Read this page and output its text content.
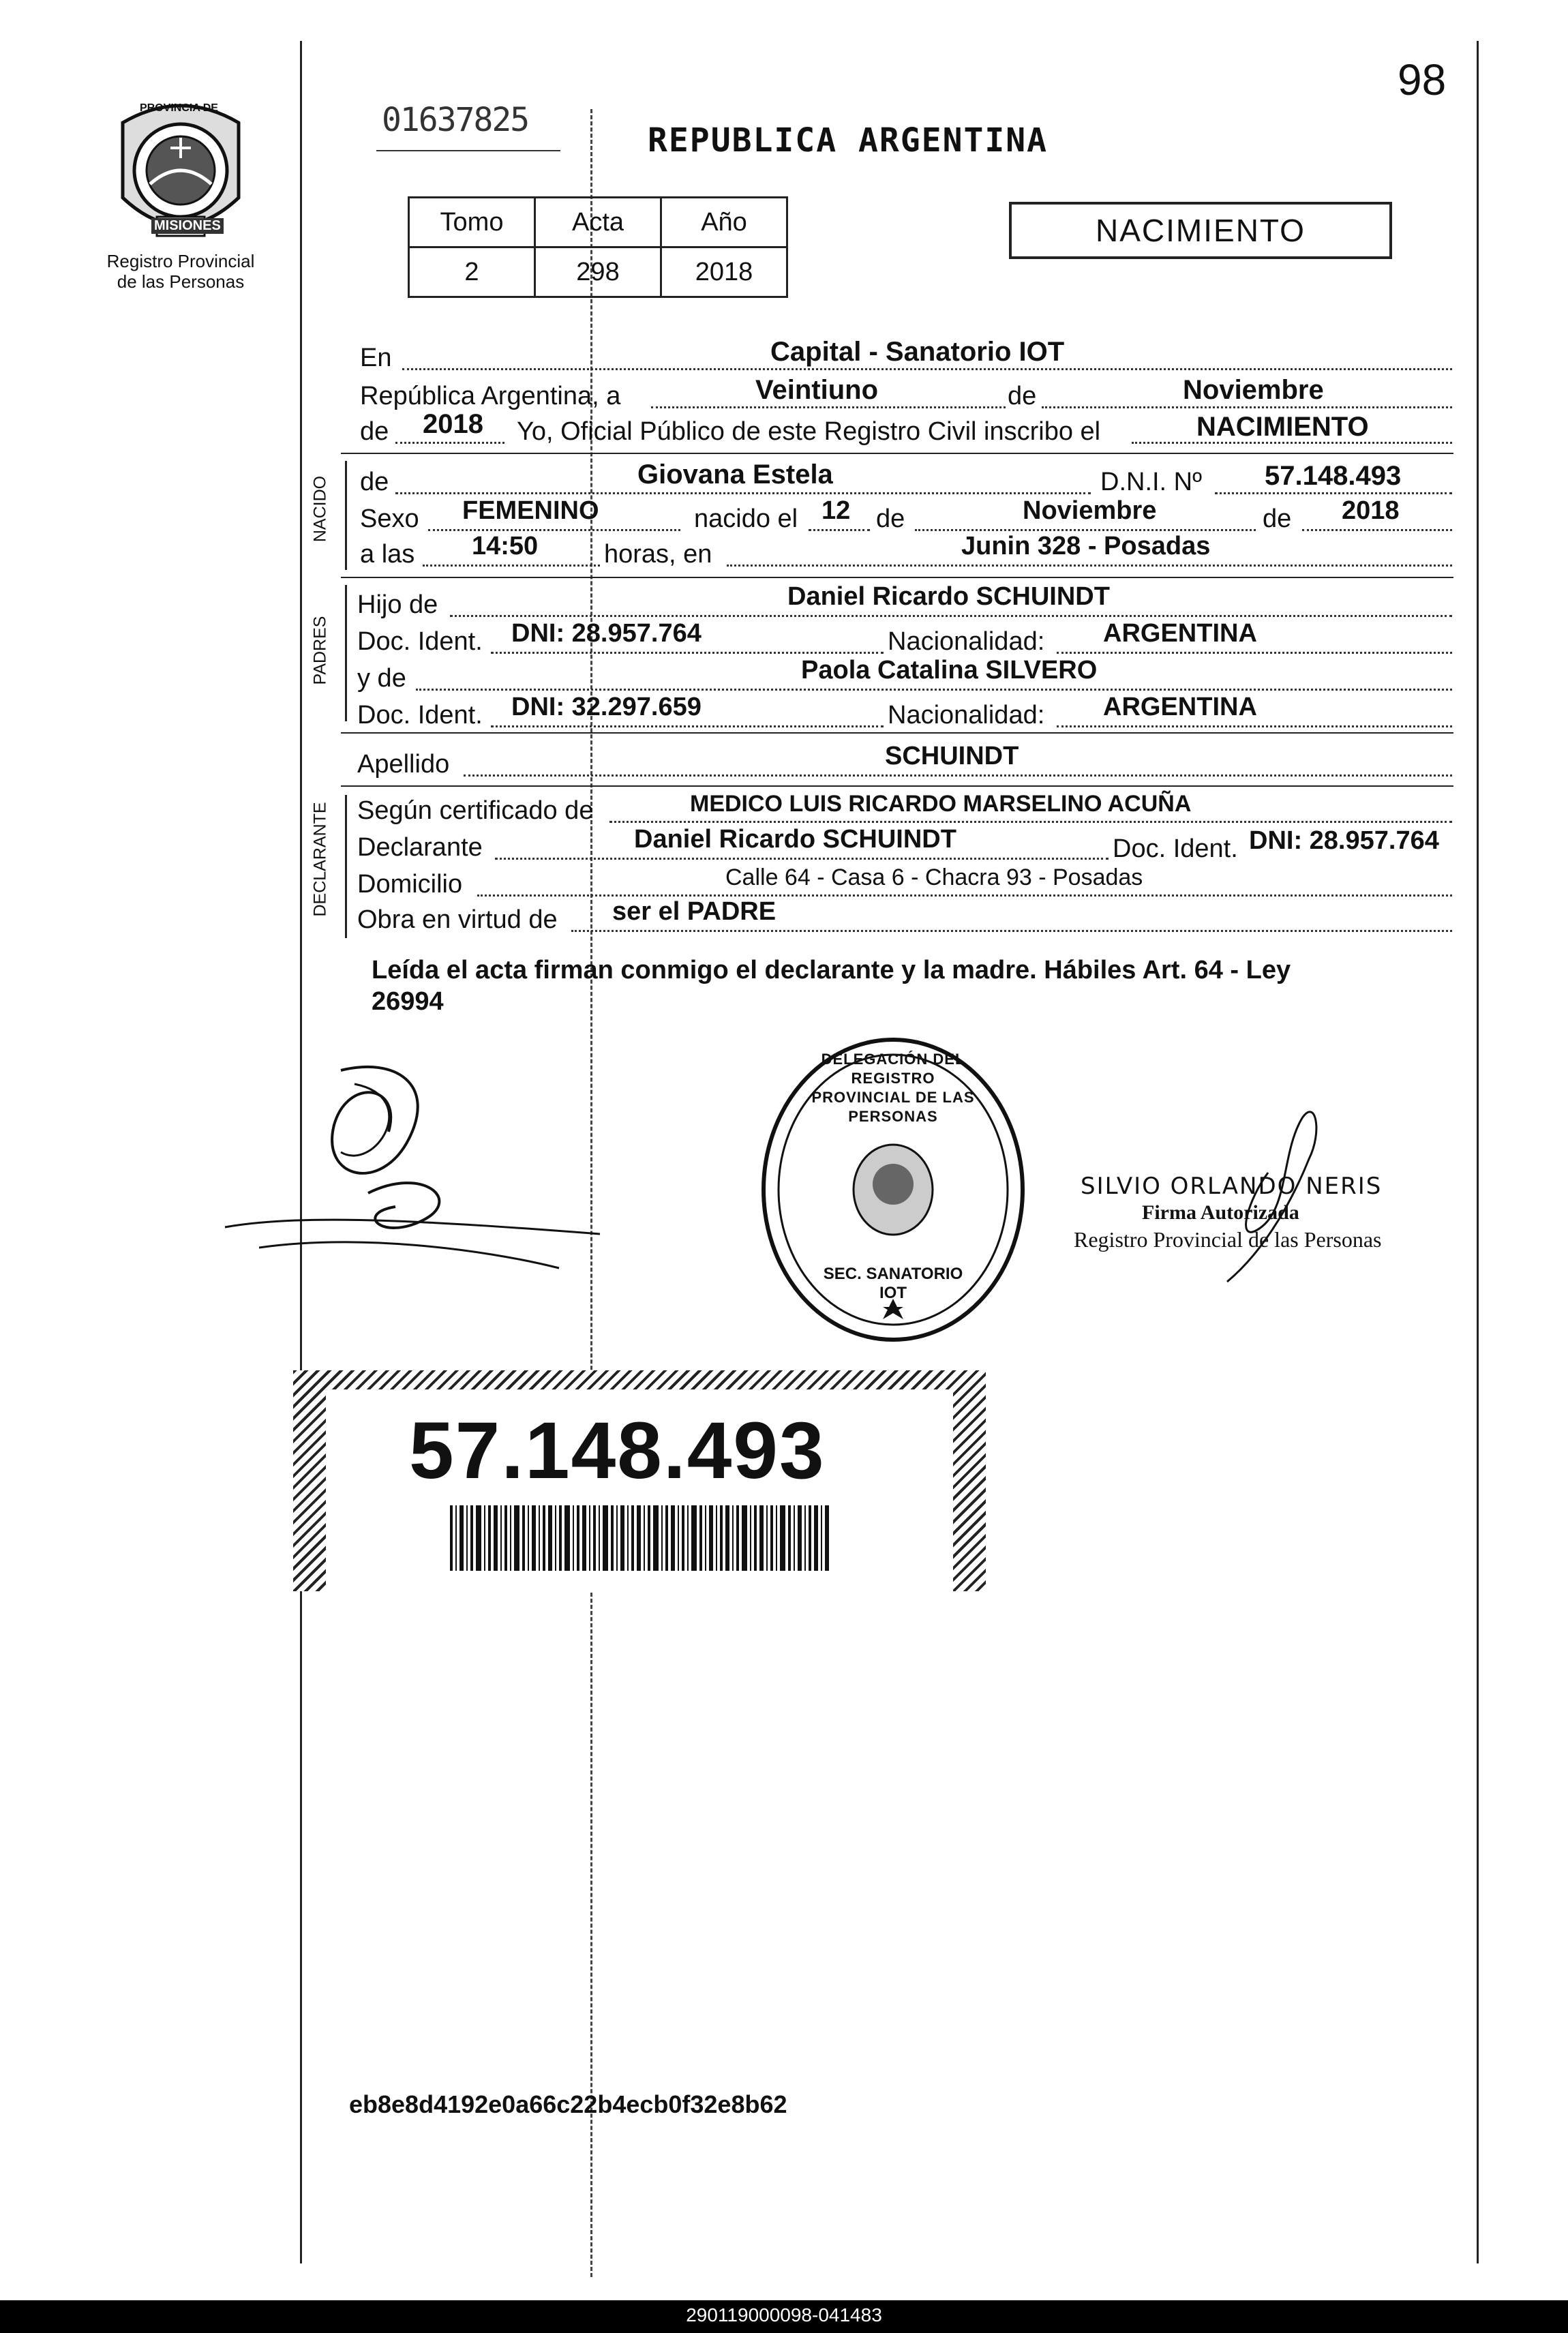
98
PROVINCIA DE
MISIONES
Registro Provincial
de las Personas
01637825
REPUBLICA ARGENTINA
Tomo	Acta	Año
2	298	2018
NACIMIENTO
En	Capital - Sanatorio IOT
República Argentina, a	Veintiuno	de	Noviembre
de 2018 Yo, Oficial Público de este Registro Civil inscribo el	NACIMIENTO
NACIDO de	Giovana Estela	D.N.I. Nº 57.148.493
Sexo FEMENINO	nacido el 12 de	Noviembre	de 2018
a las 14:50	horas, en	Junin 328 - Posadas
PADRES
Hijo de	Daniel Ricardo SCHUINDT
Doc. Ident. DNI: 28.957.764	Nacionalidad: ARGENTINA
y de	Paola Catalina SILVERO
Doc. Ident. DNI: 32.297.659	Nacionalidad: ARGENTINA
Apellido	SCHUINDT
DECLARANTE Según certificado de	MEDICO LUIS RICARDO MARSELINO ACUÑA
Declarante	Daniel Ricardo SCHUINDT	Doc. Ident. DNI: 28.957.764
Domicilio	Calle 64 - Casa 6 - Chacra 93 - Posadas
Obra en virtud de ser el PADRE
Leída el acta firman conmigo el declarante y la madre. Hábiles Art. 64 - Ley
26994
DELEGACIÓN DEL REGISTRO PROVINCIAL DE LAS PERSONAS
SEC. SANATORIO IOT
SILVIO ORLANDO NERIS
Firma Autorizada
Registro Provincial de las Personas
57.148.493
eb8e8d4192e0a66c22b4ecb0f32e8b62
290119000098-041483
